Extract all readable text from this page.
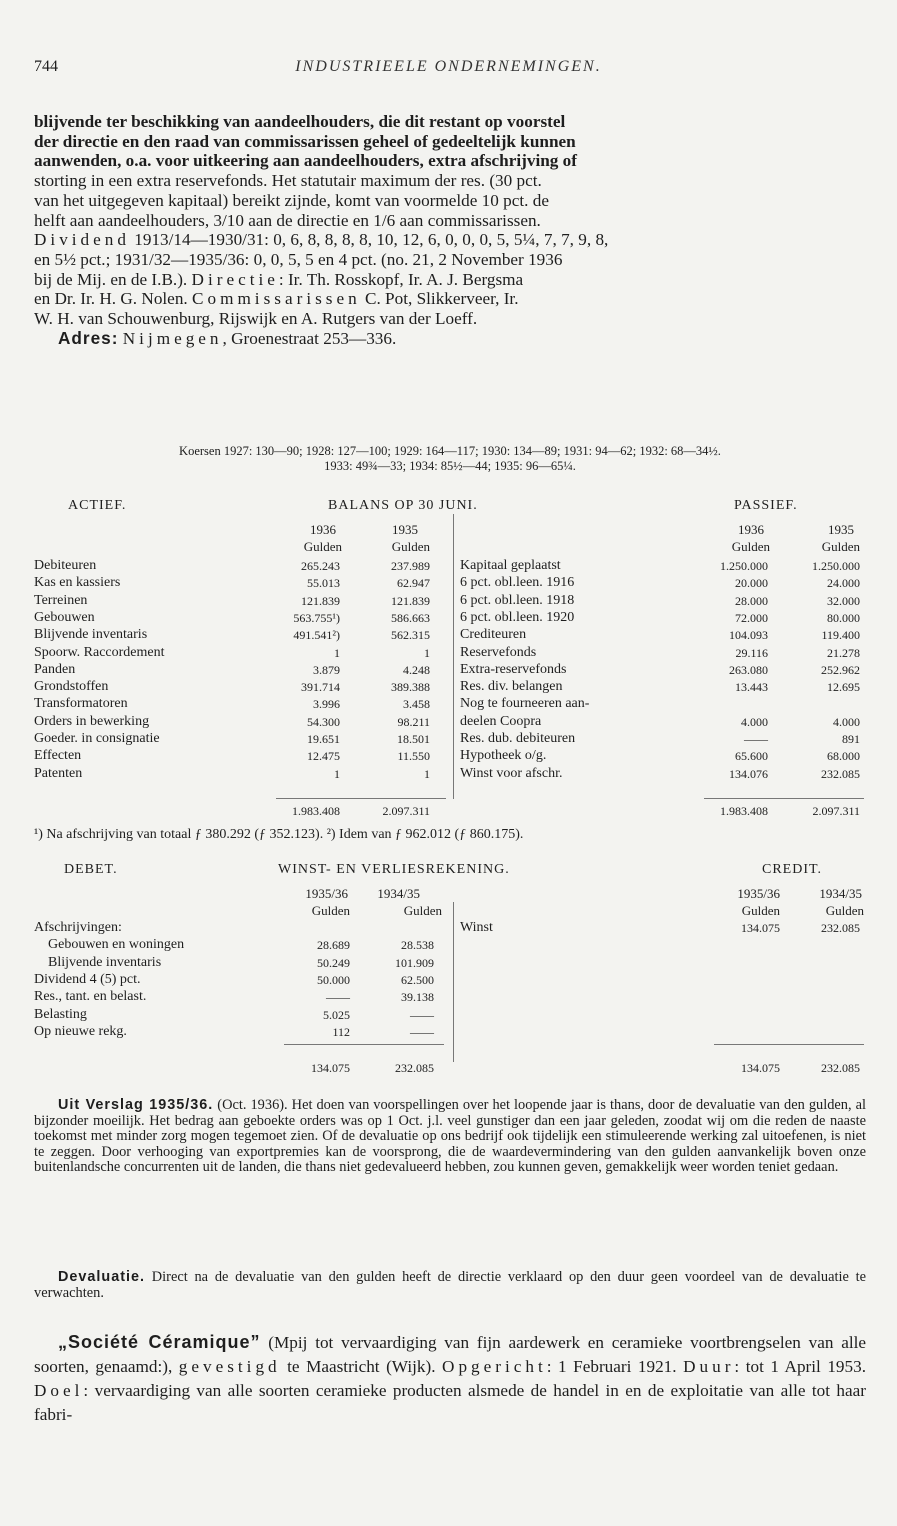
744	INDUSTRIEELE ONDERNEMINGEN.
blijvende ter beschikking van aandeelhouders, die dit restant op voorstel
der directie en den raad van commissarissen geheel of gedeeltelijk kunnen
aanwenden, o.a. voor uitkeering aan aandeelhouders, extra afschrijving of
storting in een extra reservefonds. Het statutair maximum der res. (30 pct.
van het uitgegeven kapitaal) bereikt zijnde, komt van voormelde 10 pct. de
helft aan aandeelhouders, 3/10 aan de directie en 1/6 aan commissarissen.
Dividend 1913/14—1930/31: 0, 6, 8, 8, 8, 8, 10, 12, 6, 0, 0, 0, 5, 5¼, 7, 7, 9, 8,
en 5½ pct.; 1931/32—1935/36: 0, 0, 5, 5 en 4 pct. (no. 21, 2 November 1936
bij de Mij. en de I.B.). Directie: Ir. Th. Rosskopf, Ir. A. J. Bergsma
en Dr. Ir. H. G. Nolen. Commissarissen C. Pot, Slikkerveer, Ir.
W. H. van Schouwenburg, Rijswijk en A. Rutgers van der Loeff.
Adres: Nijmegen, Groenestraat 253—336.
Koersen 1927: 130—90; 1928: 127—100; 1929: 164—117; 1930: 134—89; 1931: 94—62; 1932: 68—34½.
1933: 49¾—33; 1934: 85½—44; 1935: 96—65¼.
ACTIEF.	BALANS OP 30 JUNI.	PASSIEF.
1936	1935	1936	1935
Gulden	Gulden	Gulden	Gulden
Debiteuren	265.243	237.989
Kas en kassiers	55.013	62.947
Terreinen	121.839	121.839
Gebouwen	563.755¹)	586.663
Blijvende inventaris	491.541²)	562.315
Spoorw. Raccordement	1	1
Panden	3.879	4.248
Grondstoffen	391.714	389.388
Transformatoren	3.996	3.458
Orders in bewerking	54.300	98.211
Goeder. in consignatie	19.651	18.501
Effecten	12.475	11.550
Patenten	1	1
Kapitaal geplaatst	1.250.000	1.250.000
6 pct. obl.leen. 1916	20.000	24.000
6 pct. obl.leen. 1918	28.000	32.000
6 pct. obl.leen. 1920	72.000	80.000
Crediteuren	104.093	119.400
Reservefonds	29.116	21.278
Extra-reservefonds	263.080	252.962
Res. div. belangen	13.443	12.695
Nog te fourneeren aan-
deelen Coopra	4.000	4.000
Res. dub. debiteuren	——	891
Hypotheek o/g.	65.600	68.000
Winst voor afschr.	134.076	232.085
1.983.408	2.097.311	1.983.408	2.097.311
¹) Na afschrijving van totaal ƒ 380.292 (ƒ 352.123). ²) Idem van ƒ 962.012 (ƒ 860.175).
DEBET.	WINST- EN VERLIESREKENING.	CREDIT.
1935/36	1934/35	1935/36	1934/35
Gulden	Gulden	Gulden	Gulden
Afschrijvingen:
Gebouwen en woningen	28.689	28.538
Blijvende inventaris	50.249	101.909
Dividend 4 (5) pct.	50.000	62.500
Res., tant. en belast.	——	39.138
Belasting	5.025	——
Op nieuwe rekg.	112	——
Winst	134.075	232.085
134.075	232.085	134.075	232.085
Uit Verslag 1935/36. (Oct. 1936). Het doen van voorspellingen over het loopende jaar is thans, door de devaluatie van den gulden, al bijzonder moeilijk. Het bedrag aan geboekte orders was op 1 Oct. j.l. veel gunstiger dan een jaar geleden, zoodat wij om die reden de naaste toekomst met minder zorg mogen tegemoet zien. Of de devaluatie op ons bedrijf ook tijdelijk een stimuleerende werking zal uitoefenen, is niet te zeggen. Door verhooging van exportpremies kan de voorsprong, die de waardevermindering van den gulden aanvankelijk boven onze buitenlandsche concurrenten uit de landen, die thans niet gedevalueerd hebben, zou kunnen geven, gemakkelijk weer worden teniet gedaan.
Devaluatie. Direct na de devaluatie van den gulden heeft de directie verklaard op den duur geen voordeel van de devaluatie te verwachten.
„Société Céramique” (Mpij tot vervaardiging van fijn aardewerk en ceramieke voortbrengselen van alle soorten, genaamd:), gevestigd te Maastricht (Wijk). Opgericht: 1 Februari 1921. Duur: tot 1 April 1953. Doel: vervaardiging van alle soorten ceramieke producten alsmede de handel in en de exploitatie van alle tot haar fabri-
